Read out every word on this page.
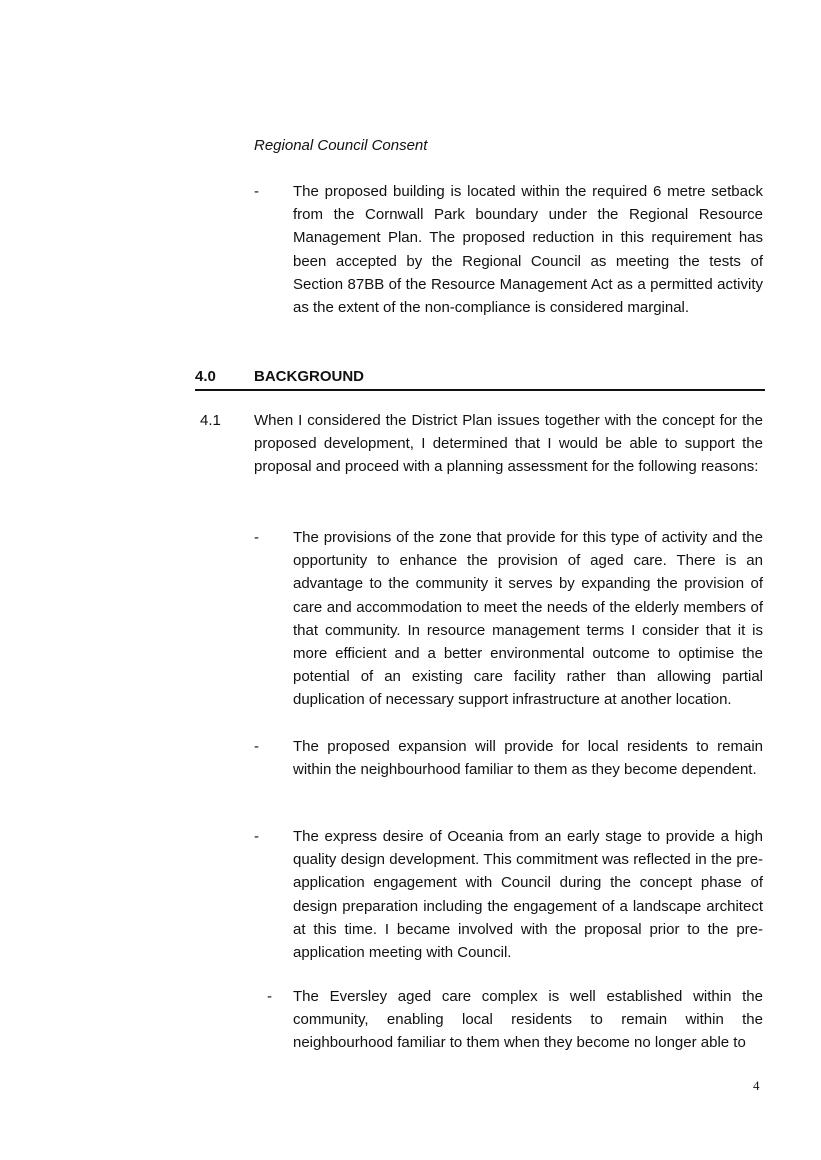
Regional Council Consent
- The proposed building is located within the required 6 metre setback from the Cornwall Park boundary under the Regional Resource Management Plan. The proposed reduction in this requirement has been accepted by the Regional Council as meeting the tests of Section 87BB of the Resource Management Act as a permitted activity as the extent of the non-compliance is considered marginal.
4.0	BACKGROUND
4.1 When I considered the District Plan issues together with the concept for the proposed development, I determined that I would be able to support the proposal and proceed with a planning assessment for the following reasons:
- The provisions of the zone that provide for this type of activity and the opportunity to enhance the provision of aged care. There is an advantage to the community it serves by expanding the provision of care and accommodation to meet the needs of the elderly members of that community. In resource management terms I consider that it is more efficient and a better environmental outcome to optimise the potential of an existing care facility rather than allowing partial duplication of necessary support infrastructure at another location.
- The proposed expansion will provide for local residents to remain within the neighbourhood familiar to them as they become dependent.
- The express desire of Oceania from an early stage to provide a high quality design development. This commitment was reflected in the pre-application engagement with Council during the concept phase of design preparation including the engagement of a landscape architect at this time. I became involved with the proposal prior to the pre-application meeting with Council.
- The Eversley aged care complex is well established within the community, enabling local residents to remain within the neighbourhood familiar to them when they become no longer able to
4
